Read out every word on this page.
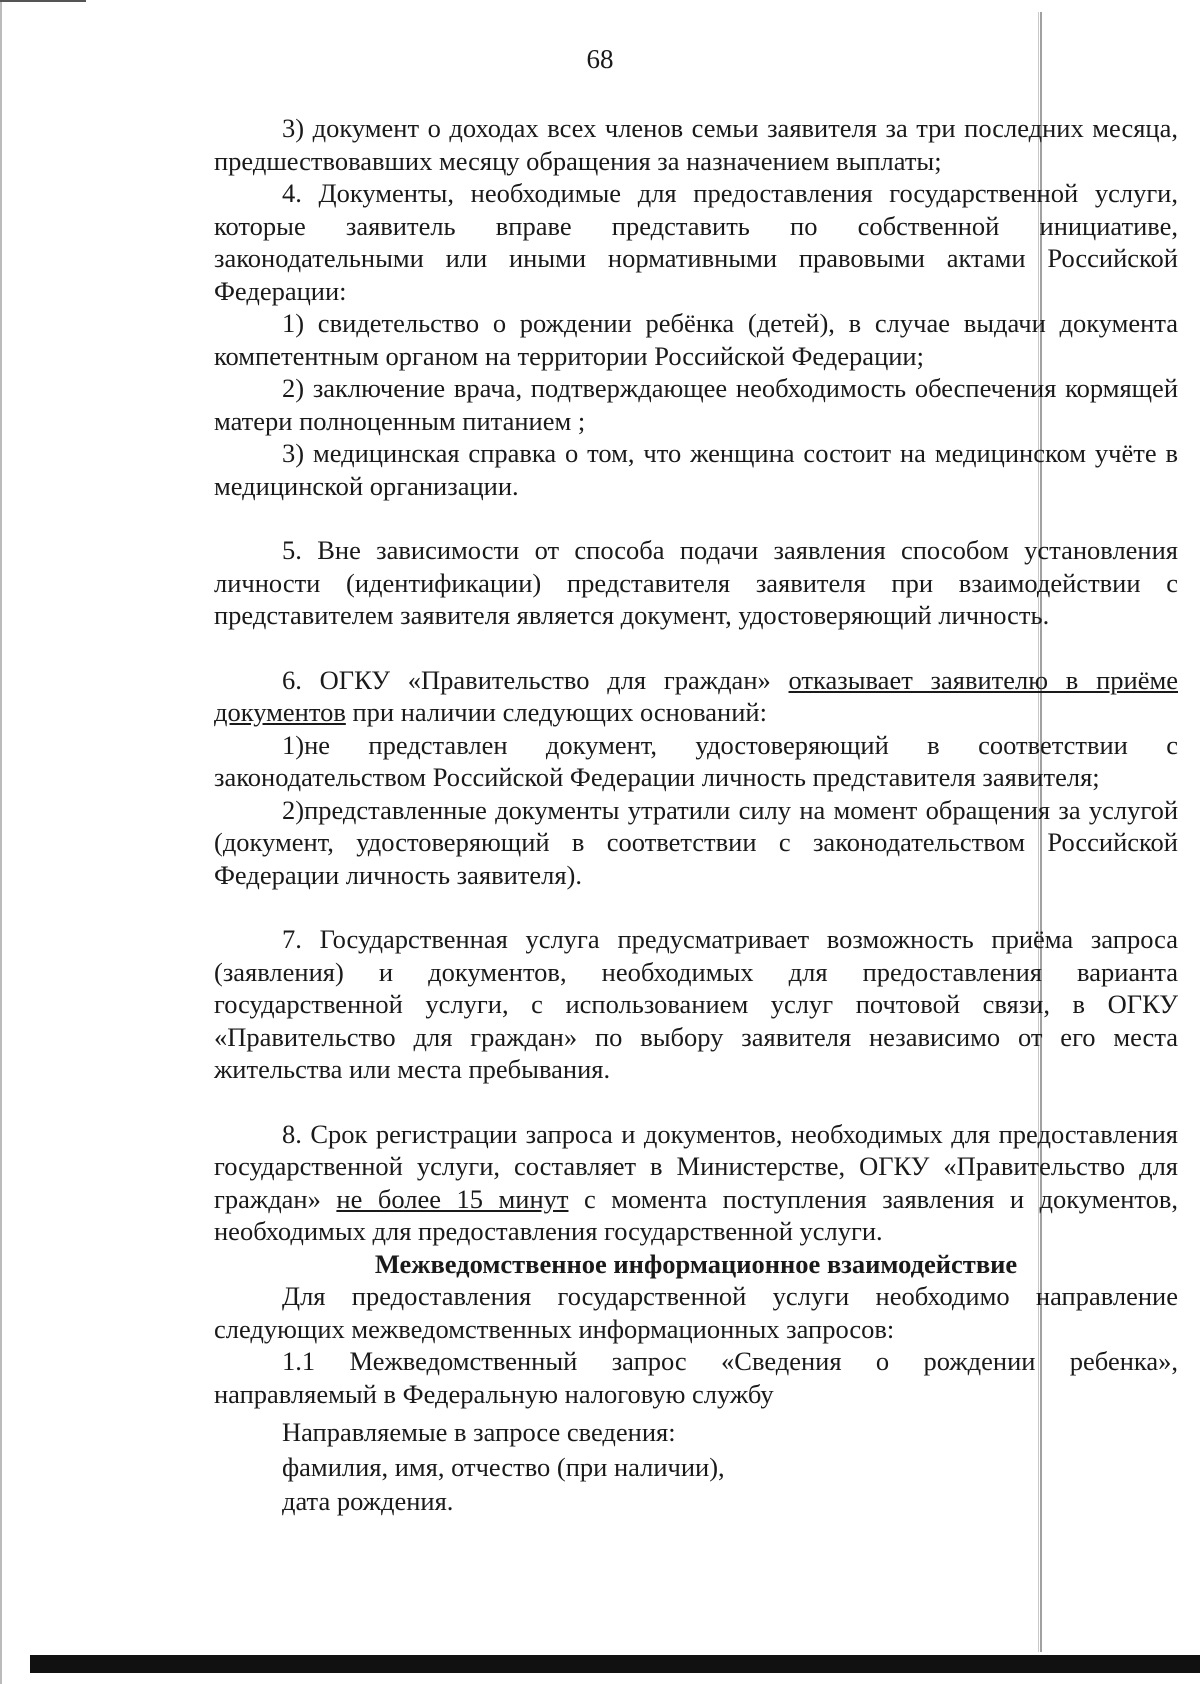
68

3) документ о доходах всех членов семьи заявителя за три последних месяца, предшествовавших месяцу обращения за назначением выплаты;

4. Документы, необходимые для предоставления государственной услуги, которые заявитель вправе представить по собственной инициативе, законодательными или иными нормативными правовыми актами Российской Федерации:

1) свидетельство о рождении ребёнка (детей), в случае выдачи документа компетентным органом на территории Российской Федерации;

2) заключение врача, подтверждающее необходимость обеспечения кормящей матери полноценным питанием ;

3) медицинская справка о том, что женщина состоит на медицинском учёте в медицинской организации.

5. Вне зависимости от способа подачи заявления способом установления личности (идентификации) представителя заявителя при взаимодействии с представителем заявителя является документ, удостоверяющий личность.

6. ОГКУ «Правительство для граждан» отказывает заявителю в приёме документов при наличии следующих оснований:

1)не представлен документ, удостоверяющий в соответствии с законодательством Российской Федерации личность представителя заявителя;

2)представленные документы утратили силу на момент обращения за услугой (документ, удостоверяющий в соответствии с законодательством Российской Федерации личность заявителя).

7. Государственная услуга предусматривает возможность приёма запроса (заявления) и документов, необходимых для предоставления варианта государственной услуги, с использованием услуг почтовой связи, в ОГКУ «Правительство для граждан» по выбору заявителя независимо от его места жительства или места пребывания.

8. Срок регистрации запроса и документов, необходимых для предоставления государственной услуги, составляет в Министерстве, ОГКУ «Правительство для граждан» не более 15 минут с момента поступления заявления и документов, необходимых для предоставления государственной услуги.

Межведомственное информационное взаимодействие

Для предоставления государственной услуги необходимо направление следующих межведомственных информационных запросов:

1.1 Межведомственный запрос «Сведения о рождении ребенка», направляемый в Федеральную налоговую службу

Направляемые в запросе сведения:

фамилия, имя, отчество (при наличии),

дата рождения.
